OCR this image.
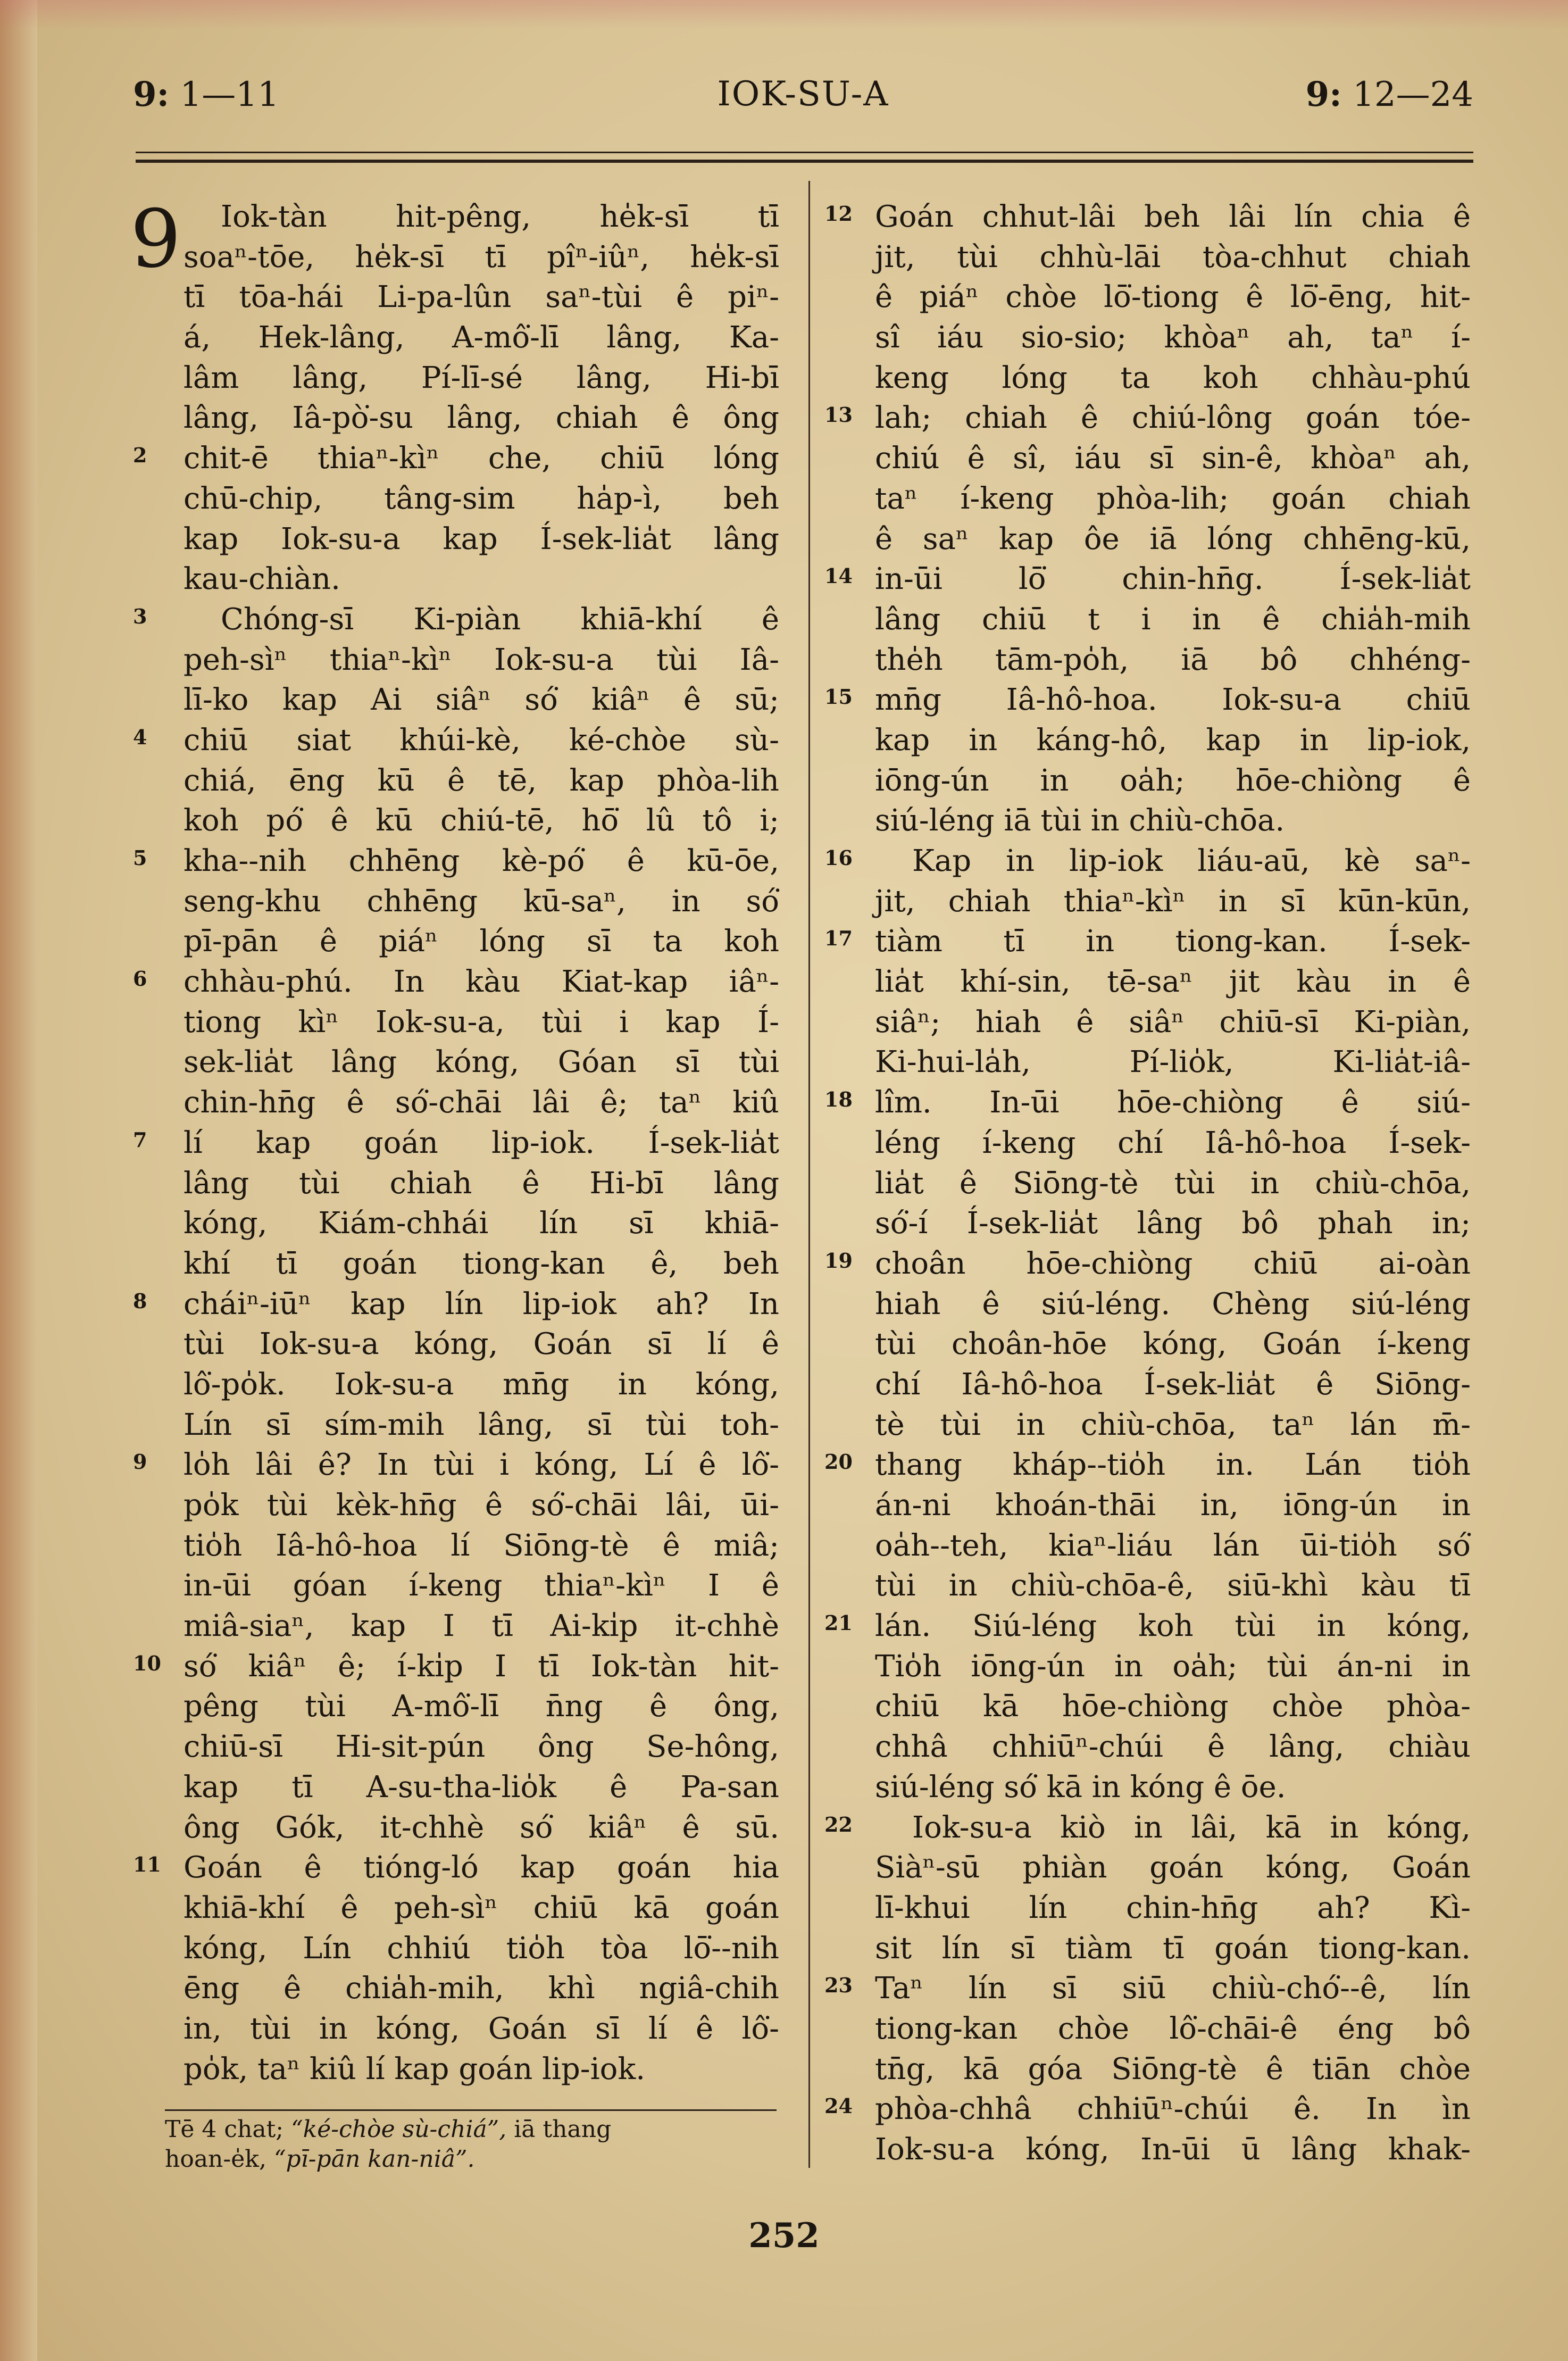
9: 1—11	IOK-SU-A	9: 12—24
9	Iok-tàn hit-pêng, he̍k-sī tī
soaⁿ-tōe, he̍k-sī tī pîⁿ-iûⁿ, he̍k-sī
tī tōa-hái Li-pa-lûn saⁿ-tùi ê piⁿ-
á, Hek-lâng, A-mô͘-lī lâng, Ka-
lâm lâng, Pí-lī-sé lâng, Hi-bī
lâng, Iâ-pò͘-su lâng, chiah ê ông
2	chit-ē thiaⁿ-kìⁿ che, chiū lóng
chū-chip, tâng-sim ha̍p-ì, beh
kap Iok-su-a kap Í-sek-lia̍t lâng
kau-chiàn.
3	Chóng-sī Ki-piàn khiā-khí ê
peh-sìⁿ thiaⁿ-kìⁿ Iok-su-a tùi Iâ-
lī-ko kap Ai siâⁿ só͘ kiâⁿ ê sū;
4	chiū siat khúi-kè, ké-chòe sù-
chiá, ēng kū ê tē, kap phòa-lih
koh pó͘ ê kū chiú-tē, hō͘ lû tô i;
5	kha--nih chhēng kè-pó͘ ê kū-ōe,
seng-khu chhēng kū-saⁿ, in só͘
pī-pān ê piáⁿ lóng sī ta koh
6	chhàu-phú. In kàu Kiat-kap iâⁿ-
tiong kìⁿ Iok-su-a, tùi i kap Í-
sek-lia̍t lâng kóng, Góan sī tùi
chin-hn̄g ê só͘-chāi lâi ê; taⁿ kiû
7	lí kap goán lip-iok. Í-sek-lia̍t
lâng tùi chiah ê Hi-bī lâng
kóng, Kiám-chhái lín sī khiā-
khí tī goán tiong-kan ê, beh
8	cháiⁿ-iūⁿ kap lín lip-iok ah? In
tùi Iok-su-a kóng, Goán sī lí ê
lô͘-po̍k. Iok-su-a mn̄g in kóng,
Lín sī sím-mih lâng, sī tùi toh-
9	lo̍h lâi ê? In tùi i kóng, Lí ê lô͘-
po̍k tùi kèk-hn̄g ê só͘-chāi lâi, ūi-
tio̍h Iâ-hô-hoa lí Siōng-tè ê miâ;
in-ūi góan í-keng thiaⁿ-kìⁿ I ê
miâ-siaⁿ, kap I tī Ai-ki̍p it-chhè
10 só͘ kiâⁿ ê; í-ki̍p I tī Iok-tàn hit-
pêng tùi A-mô͘-lī n̄ng ê ông,
chiū-sī Hi-sit-pún ông Se-hông,
kap tī A-su-tha-lio̍k ê Pa-san
ông Gók, it-chhè só͘ kiâⁿ ê sū.
11 Goán ê tióng-ló kap goán hia
khiā-khí ê peh-sìⁿ chiū kā goán
kóng, Lín chhiú tio̍h tòa lō͘--nih
ēng ê chia̍h-mih, khì ngiâ-chih
in, tùi in kóng, Goán sī lí ê lô͘-
po̍k, taⁿ kiû lí kap goán lip-iok.
12 Goán chhut-lâi beh lâi lín chia ê
jit, tùi chhù-lāi tòa-chhut chiah
ê piáⁿ chòe lō͘-tiong ê lō͘-ēng, hit-
sî iáu sio-sio; khòaⁿ ah, taⁿ í-
keng lóng ta koh chhàu-phú
13 lah; chiah ê chiú-lông goán tóe-
chiú ê sî, iáu sī sin-ê, khòaⁿ ah,
taⁿ í-keng phòa-lih; goán chiah
ê saⁿ kap ôe iā lóng chhēng-kū,
14 in-ūi lō͘ chin-hn̄g. Í-sek-lia̍t
lâng chiū t i in ê chia̍h-mih
the̍h tām-po̍h, iā bô chhéng-
15 mn̄g Iâ-hô-hoa. Iok-su-a chiū
kap in káng-hô, kap in lip-iok,
iōng-ún in oa̍h; hōe-chiòng ê
siú-léng iā tùi in chiù-chōa.
16	Kap in lip-iok liáu-aū, kè saⁿ-
jit, chiah thiaⁿ-kìⁿ in sī kūn-kūn,
17 tiàm tī in tiong-kan. Í-sek-
lia̍t khí-sin, tē-saⁿ jit kàu in ê
siâⁿ; hiah ê siâⁿ chiū-sī Ki-piàn,
Ki-hui-la̍h, Pí-lio̍k, Ki-lia̍t-iâ-
18 lîm. In-ūi hōe-chiòng ê siú-
léng í-keng chí Iâ-hô-hoa Í-sek-
lia̍t ê Siōng-tè tùi in chiù-chōa,
só͘-í Í-sek-lia̍t lâng bô phah in;
19 choân hōe-chiòng chiū ai-oàn
hiah ê siú-léng. Chèng siú-léng
tùi choân-hōe kóng, Goán í-keng
chí Iâ-hô-hoa Í-sek-lia̍t ê Siōng-
tè tùi in chiù-chōa, taⁿ lán m̄-
20 thang kháp--tio̍h in. Lán tio̍h
án-ni khoán-thāi in, iōng-ún in
oa̍h--teh, kiaⁿ-liáu lán ūi-tio̍h só͘
tùi in chiù-chōa-ê, siū-khì kàu tī
21 lán. Siú-léng koh tùi in kóng,
Tio̍h iōng-ún in oa̍h; tùi án-ni in
chiū kā hōe-chiòng chòe phòa-
chhâ chhiūⁿ-chúi ê lâng, chiàu
siú-léng só͘ kā in kóng ê ōe.
22	Iok-su-a kiò in lâi, kā in kóng,
Siàⁿ-sū phiàn goán kóng, Goán
lī-khui lín chin-hn̄g ah? Kì-
sit lín sī tiàm tī goán tiong-kan.
23 Taⁿ lín sī siū chiù-chó͘--ê, lín
tiong-kan chòe lô͘-chāi-ê éng bô
tn̄g, kā góa Siōng-tè ê tiān chòe
24 phòa-chhâ chhiūⁿ-chúi ê. In ìn
Iok-su-a kóng, In-ūi ū lâng khak-
Tē 4 chat; “ké-chòe sù-chiá”, iā thang
hoan-e̍k, “pī-pān kan-niâ”.
252
